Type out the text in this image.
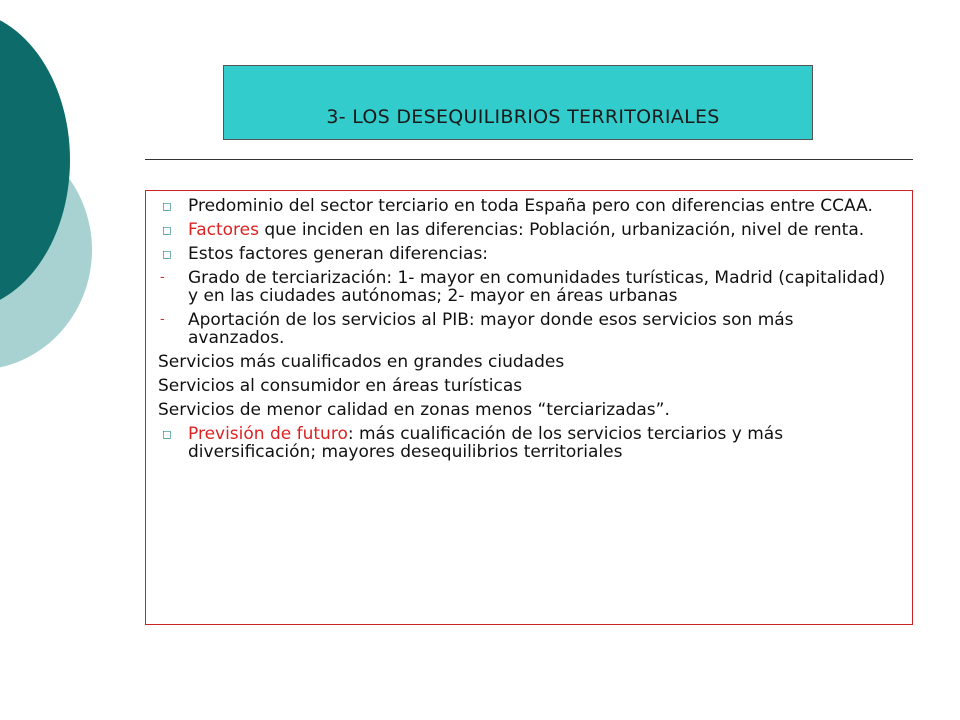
3- LOS DESEQUILIBRIOS TERRITORIALES
◻ Predominio del sector terciario en toda España pero con diferencias entre CCAA.
◻ Factores que inciden en las diferencias: Población, urbanización, nivel de renta.
◻ Estos factores generan diferencias:
-	Grado de terciarización: 1- mayor en comunidades turísticas, Madrid (capitalidad) y en las ciudades autónomas; 2- mayor en áreas urbanas
-	Aportación de los servicios al PIB: mayor donde esos servicios son más avanzados.
Servicios más cualificados en grandes ciudades
Servicios al consumidor en áreas turísticas
Servicios de menor calidad en zonas menos “terciarizadas”.
◻ Previsión de futuro: más cualificación de los servicios terciarios y más diversificación; mayores desequilibrios territoriales
